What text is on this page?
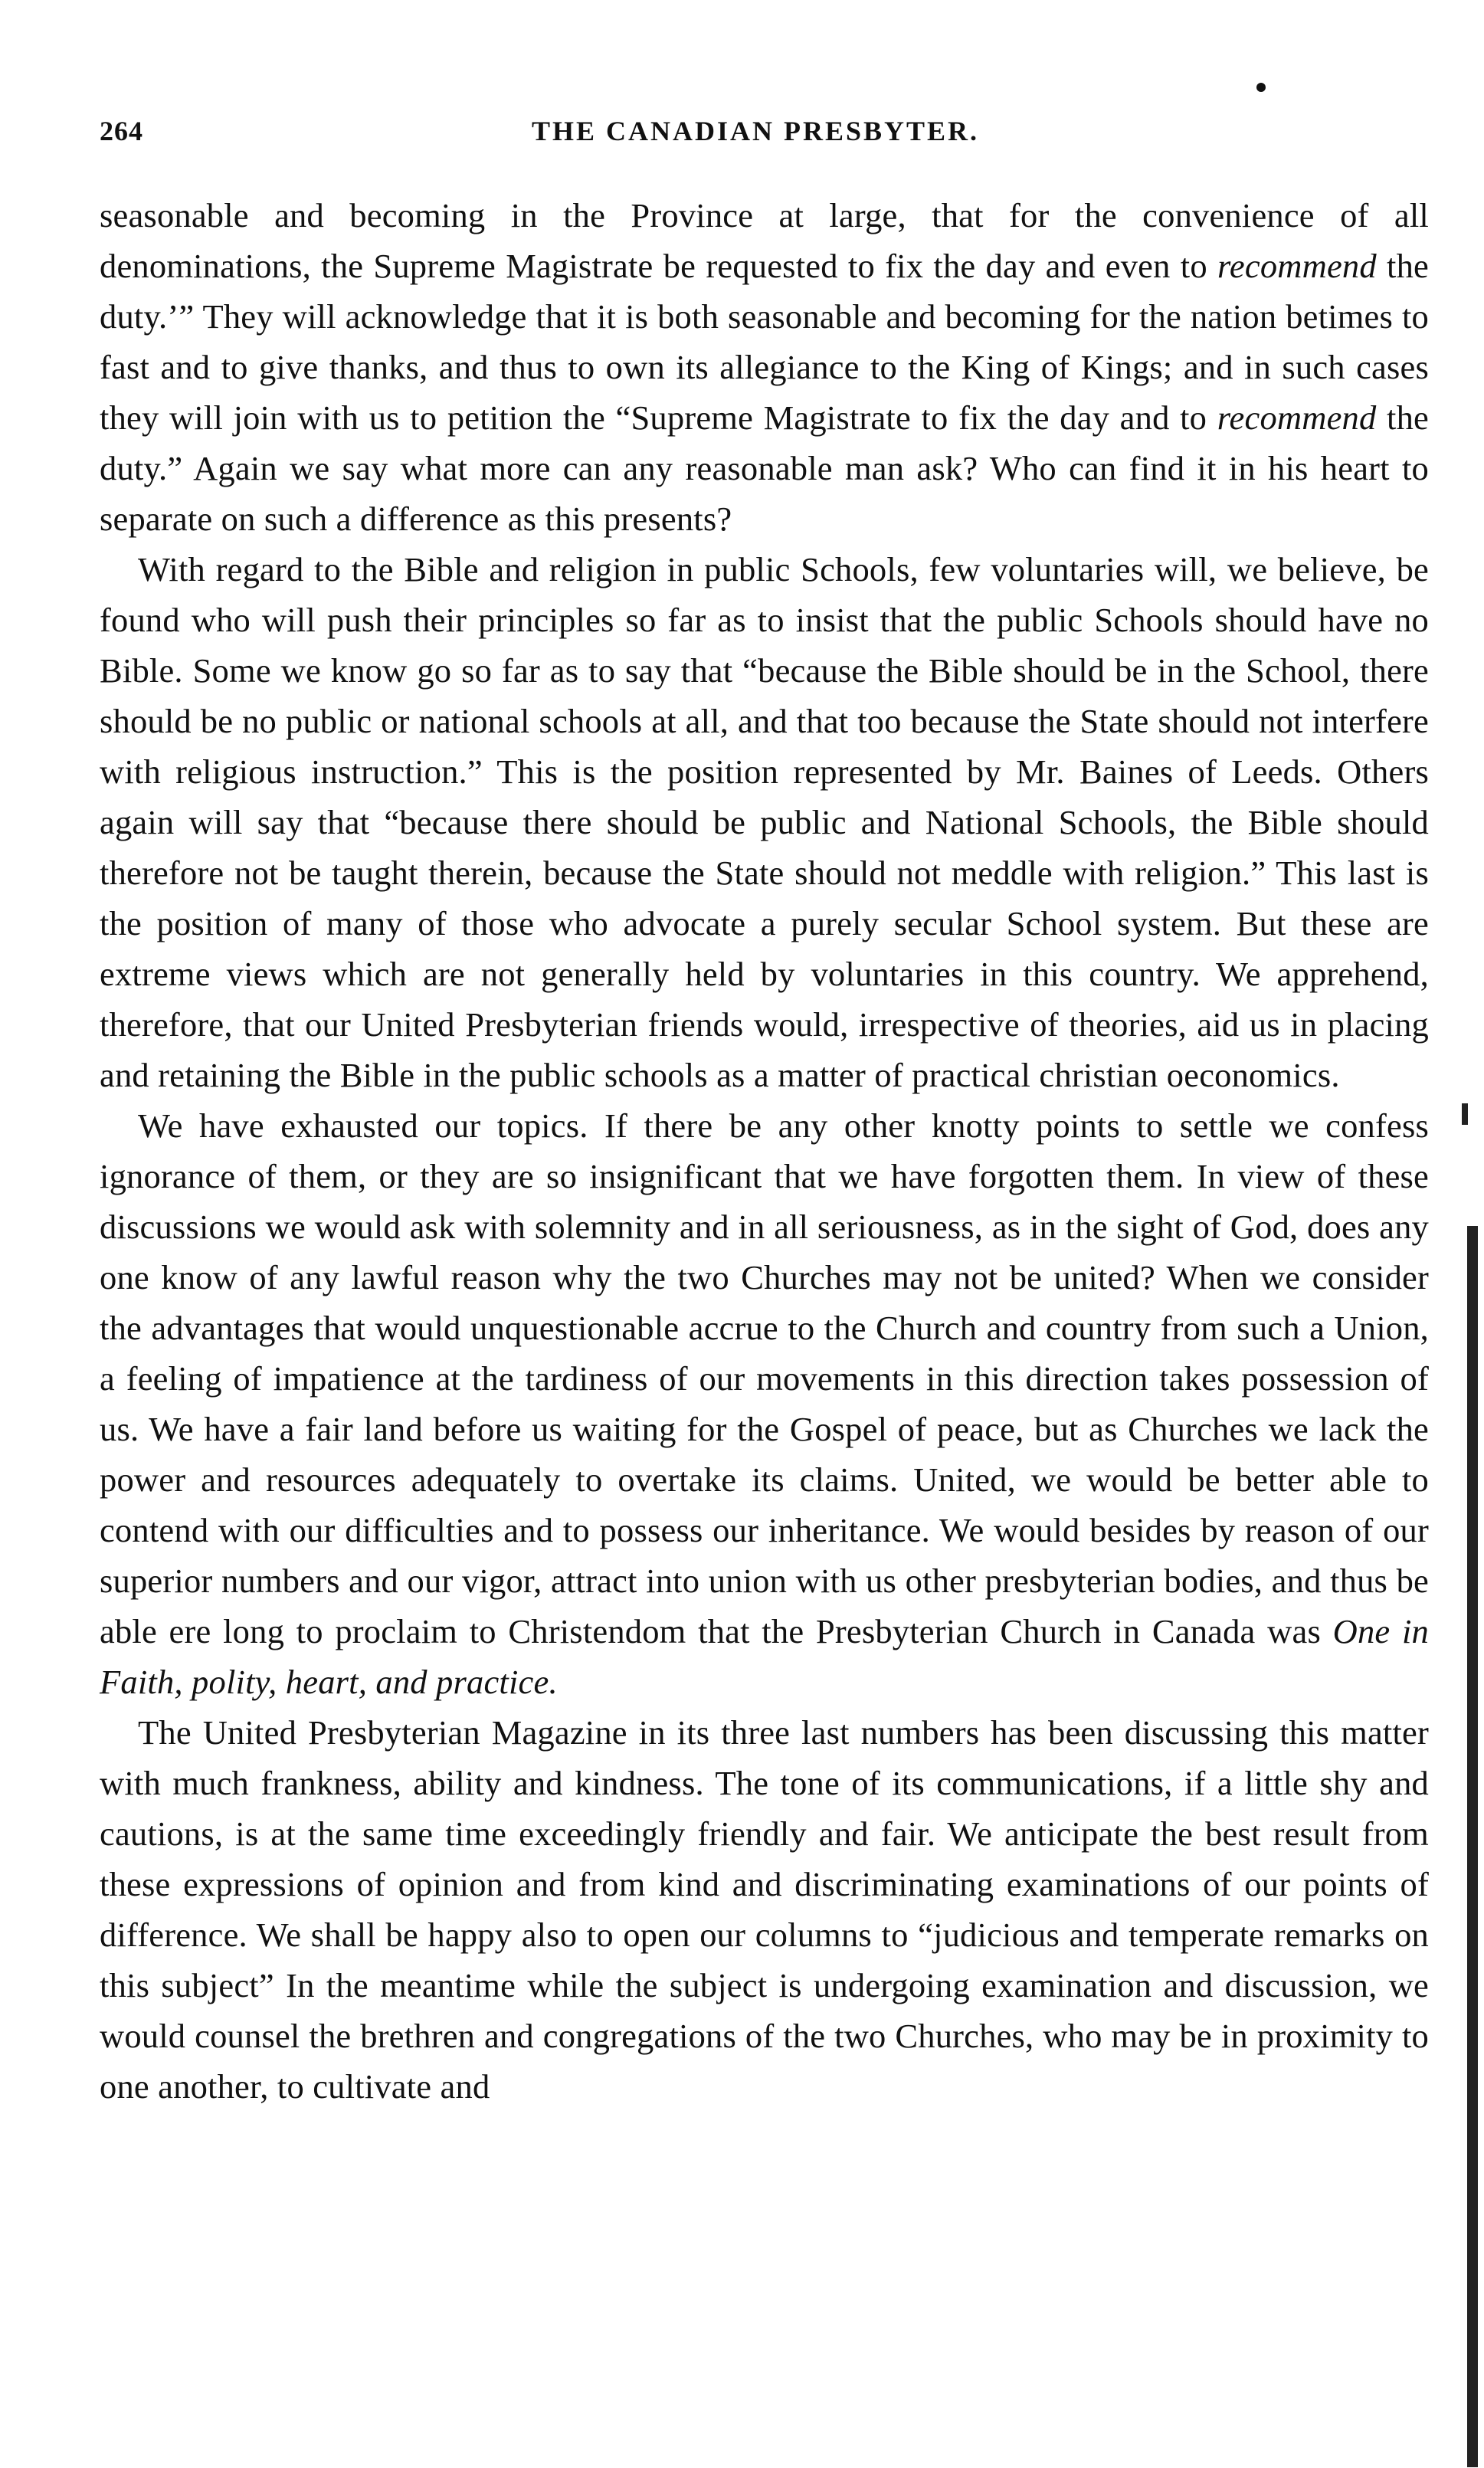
264	THE CANADIAN PRESBYTER.

seasonable and becoming in the Province at large, that for the convenience of all denominations, the Supreme Magistrate be requested to fix the day and even to recommend the duty.’” They will acknowledge that it is both seasonable and becoming for the nation betimes to fast and to give thanks, and thus to own its allegiance to the King of Kings; and in such cases they will join with us to petition the “Supreme Magistrate to fix the day and to recommend the duty.” Again we say what more can any reasonable man ask? Who can find it in his heart to separate on such a difference as this presents?

With regard to the Bible and religion in public Schools, few voluntaries will, we believe, be found who will push their principles so far as to insist that the public Schools should have no Bible. Some we know go so far as to say that “because the Bible should be in the School, there should be no public or national schools at all, and that too because the State should not interfere with religious instruction.” This is the position represented by Mr. Baines of Leeds. Others again will say that “because there should be public and National Schools, the Bible should therefore not be taught therein, because the State should not meddle with religion.” This last is the position of many of those who advocate a purely secular School system. But these are extreme views which are not generally held by voluntaries in this country. We apprehend, therefore, that our United Presbyterian friends would, irrespective of theories, aid us in placing and retaining the Bible in the public schools as a matter of practical christian oeconomics.

We have exhausted our topics. If there be any other knotty points to settle we confess ignorance of them, or they are so insignificant that we have forgotten them. In view of these discussions we would ask with solemnity and in all seriousness, as in the sight of God, does any one know of any lawful reason why the two Churches may not be united? When we consider the advantages that would unquestionable accrue to the Church and country from such a Union, a feeling of impatience at the tardiness of our movements in this direction takes possession of us. We have a fair land before us waiting for the Gospel of peace, but as Churches we lack the power and resources adequately to overtake its claims. United, we would be better able to contend with our difficulties and to possess our inheritance. We would besides by reason of our superior numbers and our vigor, attract into union with us other presbyterian bodies, and thus be able ere long to proclaim to Christendom that the Presbyterian Church in Canada was One in Faith, polity, heart, and practice.

The United Presbyterian Magazine in its three last numbers has been discussing this matter with much frankness, ability and kindness. The tone of its communications, if a little shy and cautions, is at the same time exceedingly friendly and fair. We anticipate the best result from these expressions of opinion and from kind and discriminating examinations of our points of difference. We shall be happy also to open our columns to “judicious and temperate remarks on this subject” In the meantime while the subject is undergoing examination and discussion, we would counsel the brethren and congregations of the two Churches, who may be in proximity to one another, to cultivate and
